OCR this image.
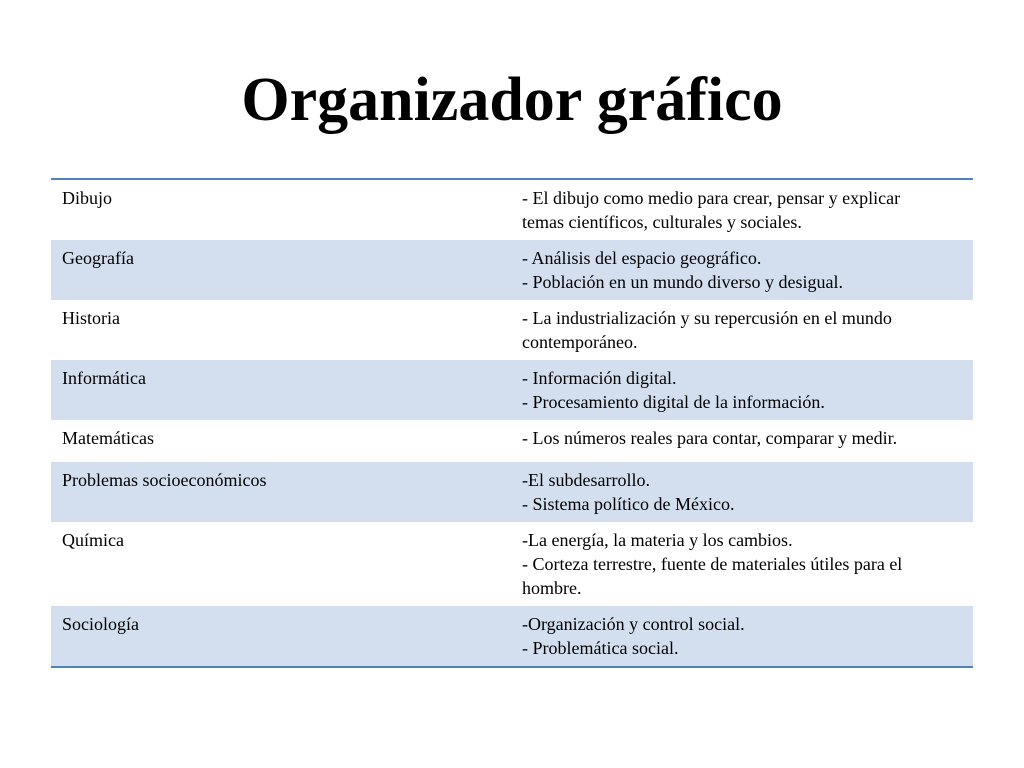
Organizador gráfico
Dibujo	- El dibujo como medio para crear, pensar y explicar
temas científicos, culturales y sociales.

Geografía	- Análisis del espacio geográfico.
- Población en un mundo diverso y desigual.

Historia	- La industrialización y su repercusión en el mundo
contemporáneo.

Informática	- Información digital.
- Procesamiento digital de la información.

Matemáticas	- Los números reales para contar, comparar y medir.

Problemas socioeconómicos	-El subdesarrollo.
- Sistema político de México.

Química	-La energía, la materia y los cambios.
- Corteza terrestre, fuente de materiales útiles para el
hombre.

Sociología	-Organización y control social.
- Problemática social.
